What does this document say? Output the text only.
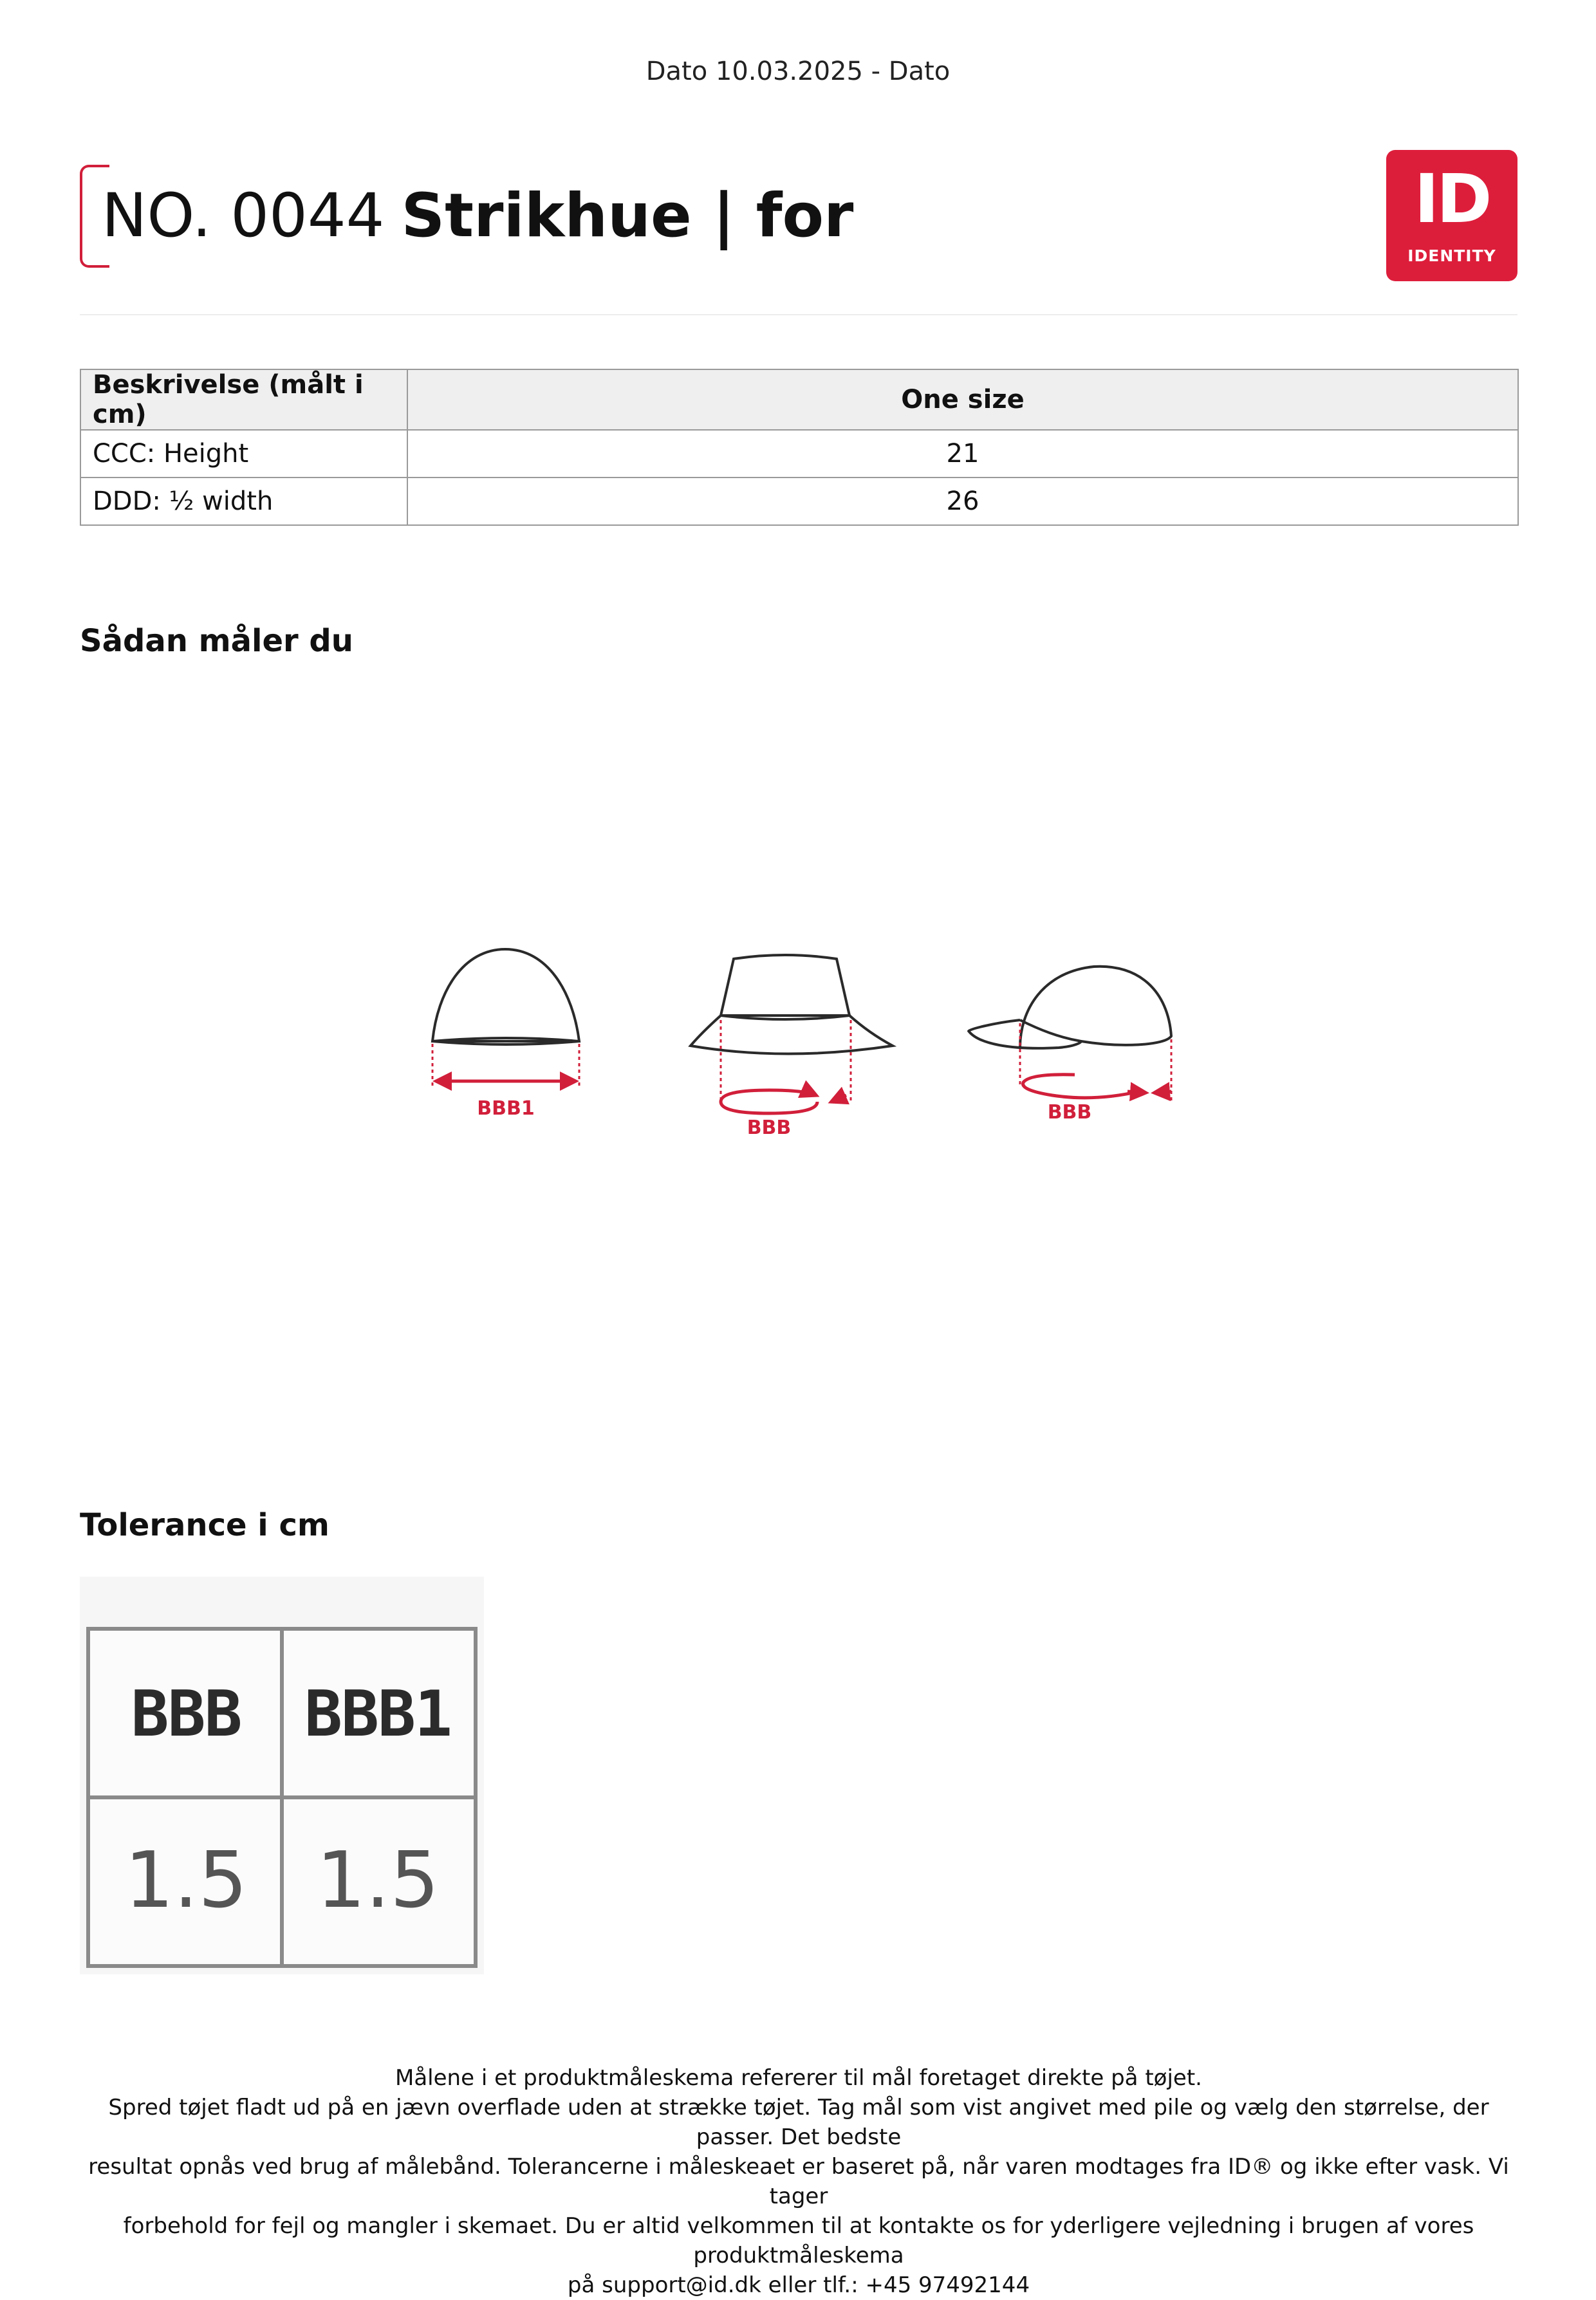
Dato 10.03.2025 - Dato
NO. 0044 Strikhue | for	ID
IDENTITY
Beskrivelse (målt i cm)	One size
CCC: Height	21
DDD: ½ width	26
Sådan måler du
BBB1
BBB
BBB
Tolerance i cm
BBB BBB1
1.5 1.5
Målene i et produktmåleskema refererer til mål foretaget direkte på tøjet.
Spred tøjet fladt ud på en jævn overflade uden at strække tøjet. Tag mål som vist angivet med pile og vælg den størrelse, der passer. Det bedste
resultat opnås ved brug af målebånd. Tolerancerne i måleskeaet er baseret på, når varen modtages fra ID® og ikke efter vask. Vi tager
forbehold for fejl og mangler i skemaet. Du er altid velkommen til at kontakte os for yderligere vejledning i brugen af vores produktmåleskema
på support@id.dk eller tlf.: +45 97492144
